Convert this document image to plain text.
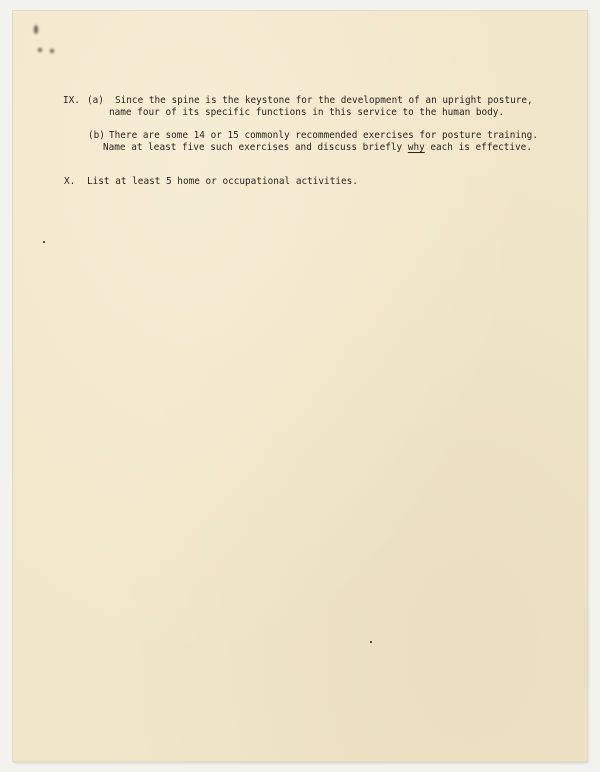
IX. (a) Since the spine is the keystone for the development of an upright posture,
name four of its specific functions in this service to the human body.
(b) There are some 14 or 15 commonly recommended exercises for posture training.

Name at least five such exercises and discuss briefly why each is effective.

X. List at least 5 home or occupational activities.
